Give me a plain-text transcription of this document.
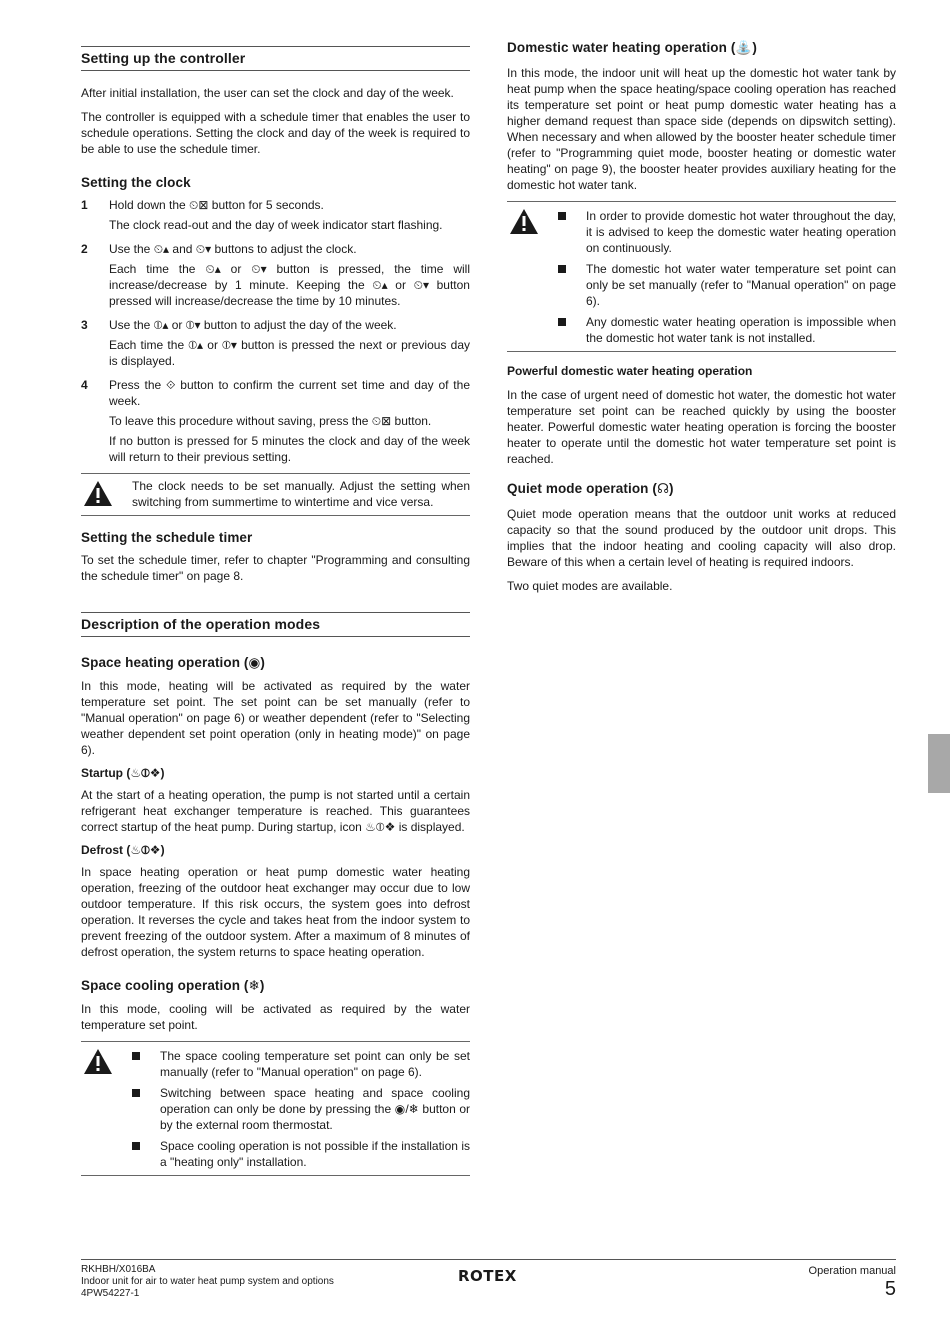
Setting up the controller

After initial installation, the user can set the clock and day of the week.

The controller is equipped with a schedule timer that enables the user to schedule operations. Setting the clock and day of the week is required to be able to use the schedule timer.

Setting the clock
1 Hold down the ⏲⊠ button for 5 seconds.

The clock read-out and the day of week indicator start flashing.

2 Use the ⏲▴ and ⏲▾ buttons to adjust the clock.

Each time the ⏲▴ or ⏲▾ button is pressed, the time will increase/decrease by 1 minute. Keeping the ⏲▴ or ⏲▾ button pressed will increase/decrease the time by 10 minutes.

3 Use the ⦶▴ or ⦶▾ button to adjust the day of the week.

Each time the ⦶▴ or ⦶▾ button is pressed the next or previous day is displayed.

4 Press the ⟐ button to confirm the current set time and day of the week.

To leave this procedure without saving, press the ⏲⊠ button.

If no button is pressed for 5 minutes the clock and day of the week will return to their previous setting.

The clock needs to be set manually. Adjust the setting when switching from summertime to wintertime and vice versa.

Setting the schedule timer

To set the schedule timer, refer to chapter "Programming and consulting the schedule timer" on page 8.

Description of the operation modes
Space heating operation (◉)

In this mode, heating will be activated as required by the water temperature set point. The set point can be set manually (refer to "Manual operation" on page 6) or weather dependent (refer to "Selecting weather dependent set point operation (only in heating mode)" on page 6).

Startup (♨⦶❖)

At the start of a heating operation, the pump is not started until a certain refrigerant heat exchanger temperature is reached. This guarantees correct startup of the heat pump. During startup, icon ♨⦶❖ is displayed.

Defrost (♨⦶❖)

In space heating operation or heat pump domestic water heating operation, freezing of the outdoor heat exchanger may occur due to low outdoor temperature. If this risk occurs, the system goes into defrost operation. It reverses the cycle and takes heat from the indoor system to prevent freezing of the outdoor system. After a maximum of 8 minutes of defrost operation, the system returns to space heating operation.

Space cooling operation (❄)

In this mode, cooling will be activated as required by the water temperature set point.

The space cooling temperature set point can only be set manually (refer to "Manual operation" on page 6).
Switching between space heating and space cooling operation can only be done by pressing the ◉/❄ button or by the external room thermostat.
Space cooling operation is not possible if the installation is a "heating only" installation.
Domestic water heating operation (⛲)

In this mode, the indoor unit will heat up the domestic hot water tank by heat pump when the space heating/space cooling operation has reached its temperature set point or heat pump domestic water heating has a higher demand request than space side (depends on dipswitch setting). When necessary and when allowed by the booster heater schedule timer (refer to "Programming quiet mode, booster heating or domestic water heating" on page 9), the booster heater provides auxiliary heating for the domestic hot water tank.

In order to provide domestic hot water throughout the day, it is advised to keep the domestic water heating operation on continuously.
The domestic hot water water temperature set point can only be set manually (refer to "Manual operation" on page 6).
Any domestic water heating operation is impossible when the domestic hot water tank is not installed.
Powerful domestic water heating operation

In the case of urgent need of domestic hot water, the domestic hot water temperature set point can be reached quickly by using the booster heater. Powerful domestic water heating operation is forcing the booster heater to operate until the domestic hot water temperature set point is reached.

Quiet mode operation (☊)

Quiet mode operation means that the outdoor unit works at reduced capacity so that the sound produced by the outdoor unit drops. This implies that the indoor heating and cooling capacity will also drop. Beware of this when a certain level of heating is required indoors.

Two quiet modes are available.

RKHBH/X016BA
Indoor unit for air to water heat pump system and options
4PW54227-1
ROTEX	Operation manual
5
